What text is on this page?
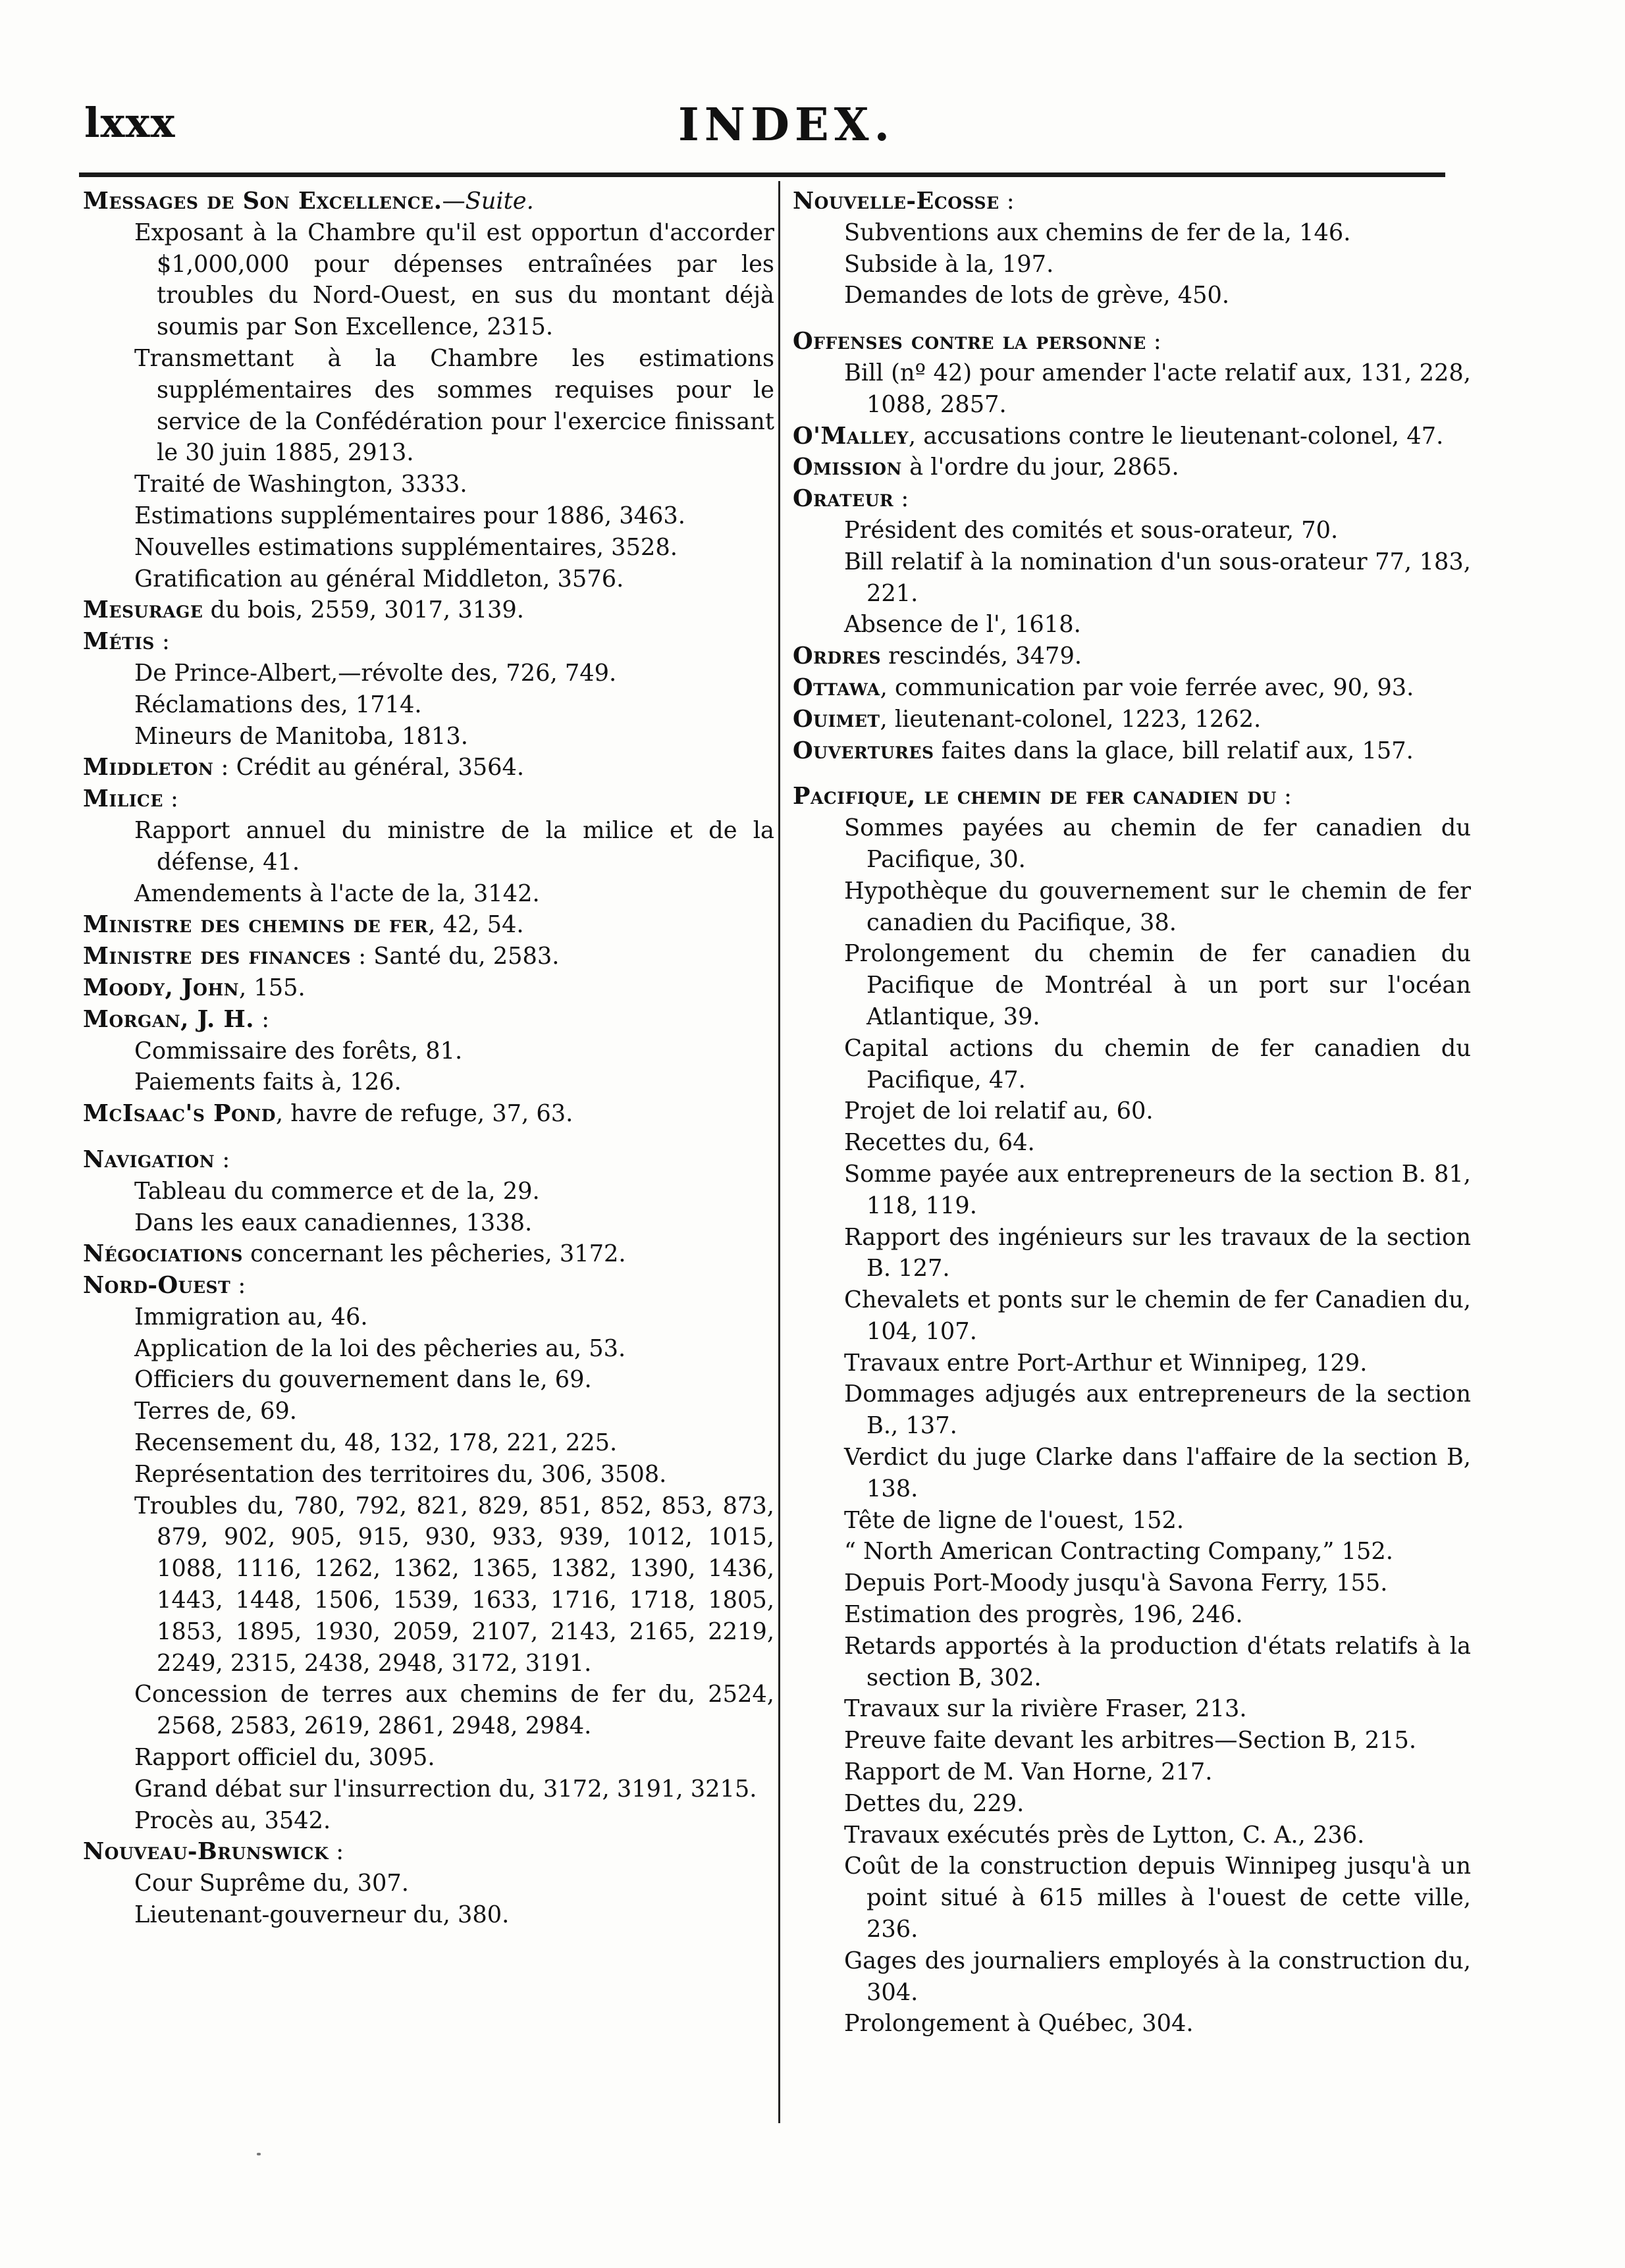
lxxx	INDEX.

Messages de Son Excellence.—Suite.

Exposant à la Chambre qu'il est opportun d'accorder $1,000,000 pour dépenses entraînées par les troubles du Nord-Ouest, en sus du montant déjà soumis par Son Excellence, 2315.

Transmettant à la Chambre les estimations supplémentaires des sommes requises pour le service de la Confédération pour l'exercice finissant le 30 juin 1885, 2913.

Traité de Washington, 3333.

Estimations supplémentaires pour 1886, 3463.

Nouvelles estimations supplémentaires, 3528.

Gratification au général Middleton, 3576.

Mesurage du bois, 2559, 3017, 3139.

Métis :

De Prince-Albert,—révolte des, 726, 749.

Réclamations des, 1714.

Mineurs de Manitoba, 1813.

Middleton : Crédit au général, 3564.

Milice :

Rapport annuel du ministre de la milice et de la défense, 41.

Amendements à l'acte de la, 3142.

Ministre des chemins de fer, 42, 54.

Ministre des finances : Santé du, 2583.

Moody, John, 155.

Morgan, J. H. :

Commissaire des forêts, 81.

Paiements faits à, 126.

McIsaac's Pond, havre de refuge, 37, 63.

Navigation :

Tableau du commerce et de la, 29.

Dans les eaux canadiennes, 1338.

Négociations concernant les pêcheries, 3172.

Nord-Ouest :

Immigration au, 46.

Application de la loi des pêcheries au, 53.

Officiers du gouvernement dans le, 69.

Terres de, 69.

Recensement du, 48, 132, 178, 221, 225.

Représentation des territoires du, 306, 3508.

Troubles du, 780, 792, 821, 829, 851, 852, 853, 873, 879, 902, 905, 915, 930, 933, 939, 1012, 1015, 1088, 1116, 1262, 1362, 1365, 1382, 1390, 1436, 1443, 1448, 1506, 1539, 1633, 1716, 1718, 1805, 1853, 1895, 1930, 2059, 2107, 2143, 2165, 2219, 2249, 2315, 2438, 2948, 3172, 3191.

Concession de terres aux chemins de fer du, 2524, 2568, 2583, 2619, 2861, 2948, 2984.

Rapport officiel du, 3095.

Grand débat sur l'insurrection du, 3172, 3191, 3215.

Procès au, 3542.

Nouveau-Brunswick :

Cour Suprême du, 307.

Lieutenant-gouverneur du, 380.

Nouvelle-Ecosse :

Subventions aux chemins de fer de la, 146.

Subside à la, 197.

Demandes de lots de grève, 450.

Offenses contre la personne :

Bill (nº 42) pour amender l'acte relatif aux, 131, 228, 1088, 2857.

O'Malley, accusations contre le lieutenant-colonel, 47.

Omission à l'ordre du jour, 2865.

Orateur :

Président des comités et sous-orateur, 70.

Bill relatif à la nomination d'un sous-orateur 77, 183, 221.

Absence de l', 1618.

Ordres rescindés, 3479.

Ottawa, communication par voie ferrée avec, 90, 93.

Ouimet, lieutenant-colonel, 1223, 1262.

Ouvertures faites dans la glace, bill relatif aux, 157.

Pacifique, le chemin de fer canadien du :

Sommes payées au chemin de fer canadien du Pacifique, 30.

Hypothèque du gouvernement sur le chemin de fer canadien du Pacifique, 38.

Prolongement du chemin de fer canadien du Pacifique de Montréal à un port sur l'océan Atlantique, 39.

Capital actions du chemin de fer canadien du Pacifique, 47.

Projet de loi relatif au, 60.

Recettes du, 64.

Somme payée aux entrepreneurs de la section B. 81, 118, 119.

Rapport des ingénieurs sur les travaux de la section B. 127.

Chevalets et ponts sur le chemin de fer Canadien du, 104, 107.

Travaux entre Port-Arthur et Winnipeg, 129.

Dommages adjugés aux entrepreneurs de la section B., 137.

Verdict du juge Clarke dans l'affaire de la section B, 138.

Tête de ligne de l'ouest, 152.

“ North American Contracting Company,” 152.

Depuis Port-Moody jusqu'à Savona Ferry, 155.

Estimation des progrès, 196, 246.

Retards apportés à la production d'états relatifs à la section B, 302.

Travaux sur la rivière Fraser, 213.

Preuve faite devant les arbitres—Section B, 215.

Rapport de M. Van Horne, 217.

Dettes du, 229.

Travaux exécutés près de Lytton, C. A., 236.

Coût de la construction depuis Winnipeg jusqu'à un point situé à 615 milles à l'ouest de cette ville, 236.

Gages des journaliers employés à la construction du, 304.

Prolongement à Québec, 304.
